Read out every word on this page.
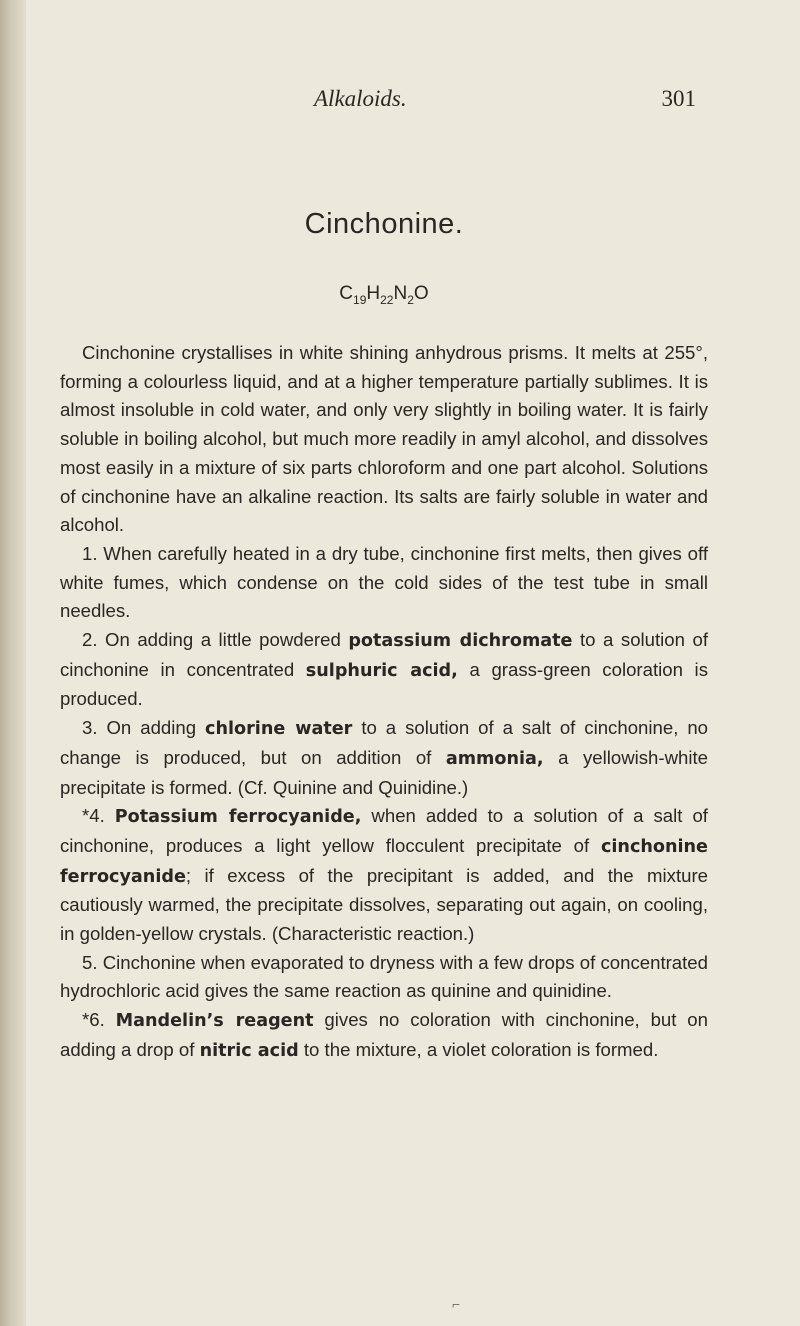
Alkaloids.	301
Cinchonine.
$C_{19}H_{22}N_2O$

Cinchonine crystallises in white shining anhydrous prisms. It melts at 255°, forming a colourless liquid, and at a higher temperature partially sublimes. It is almost insoluble in cold water, and only very slightly in boiling water. It is fairly soluble in boiling alcohol, but much more readily in amyl alcohol, and dissolves most easily in a mixture of six parts chloroform and one part alcohol. Solutions of cinchonine have an alkaline reaction. Its salts are fairly soluble in water and alcohol.

1. When carefully heated in a dry tube, cinchonine first melts, then gives off white fumes, which condense on the cold sides of the test tube in small needles.

2. On adding a little powdered potassium dichromate to a solution of cinchonine in concentrated sulphuric acid, a grass-green coloration is produced.

3. On adding chlorine water to a solution of a salt of cinchonine, no change is produced, but on addition of ammonia, a yellowish-white precipitate is formed. (Cf. Quinine and Quinidine.)

*4. Potassium ferrocyanide, when added to a solution of a salt of cinchonine, produces a light yellow flocculent precipitate of cinchonine ferrocyanide; if excess of the precipitant is added, and the mixture cautiously warmed, the precipitate dissolves, separating out again, on cooling, in golden-yellow crystals. (Characteristic reaction.)

5. Cinchonine when evaporated to dryness with a few drops of concentrated hydrochloric acid gives the same reaction as quinine and quinidine.

*6. Mandelin’s reagent gives no coloration with cinchonine, but on adding a drop of nitric acid to the mixture, a violet coloration is formed.

⌐
